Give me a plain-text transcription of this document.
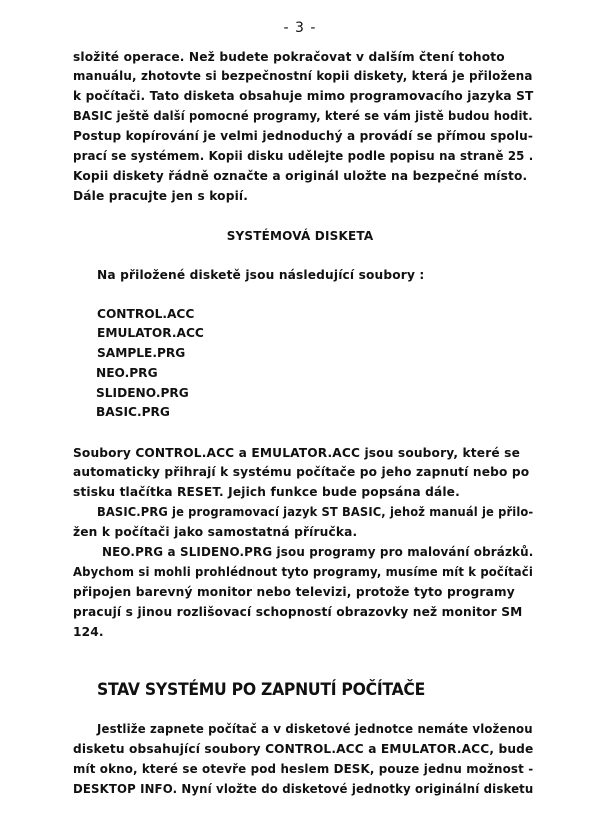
- 3 -
složité operace. Než budete pokračovat v dalším čtení tohoto
manuálu, zhotovte si bezpečnostní kopii diskety, která je přiložena
k počítači. Tato disketa obsahuje mimo programovacího jazyka ST
BASIC ještě další pomocné programy, které se vám jistě budou hodit.
Postup kopírování je velmi jednoduchý a provádí se přímou spolu-
prací se systémem. Kopii disku udělejte podle popisu na straně 25 .
Kopii diskety řádně označte a originál uložte na bezpečné místo.
Dále pracujte jen s kopií.
SYSTÉMOVÁ DISKETA
Na přiložené disketě jsou následující soubory :
CONTROL.ACC
EMULATOR.ACC
SAMPLE.PRG
NEO.PRG
SLIDENO.PRG
BASIC.PRG
Soubory CONTROL.ACC a EMULATOR.ACC jsou soubory, které se
automaticky přihrají k systému počítače po jeho zapnutí nebo po
stisku tlačítka RESET. Jejich funkce bude popsána dále.
BASIC.PRG je programovací jazyk ST BASIC, jehož manuál je přilo-
žen k počítači jako samostatná příručka.
NEO.PRG a SLIDENO.PRG jsou programy pro malování obrázků.
Abychom si mohli prohlédnout tyto programy, musíme mít k počítači
připojen barevný monitor nebo televizi, protože tyto programy
pracují s jinou rozlišovací schopností obrazovky než monitor SM
124.
STAV SYSTÉMU PO ZAPNUTÍ POČÍTAČE
Jestliže zapnete počítač a v disketové jednotce nemáte vloženou
disketu obsahující soubory CONTROL.ACC a EMULATOR.ACC, bude
mít okno, které se otevře pod heslem DESK, pouze jednu možnost -
DESKTOP INFO. Nyní vložte do disketové jednotky originální disketu
